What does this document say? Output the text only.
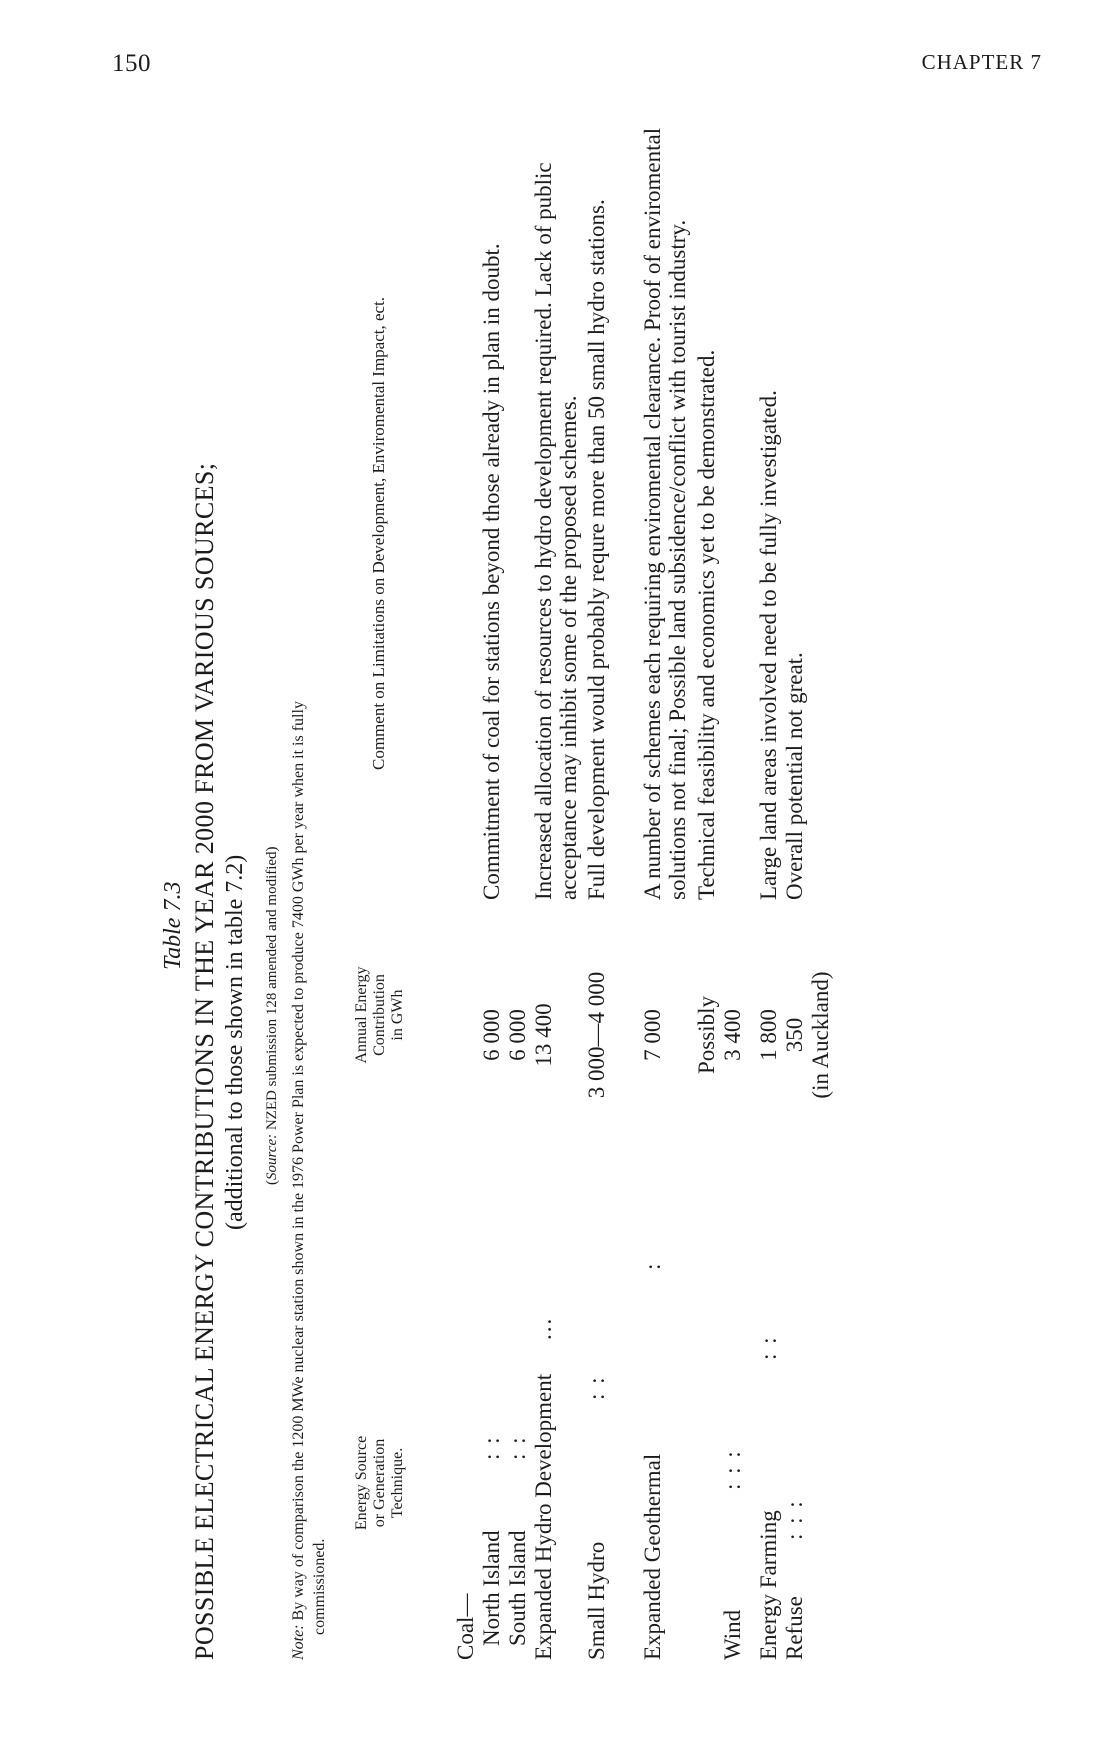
150	CHAPTER 7
Table 7.3 POSSIBLE ELECTRICAL ENERGY CONTRIBUTIONS IN THE YEAR 2000 FROM VARIOUS SOURCES; (additional to those shown in table 7.2) (Source: NZED submission 128 amended and modified)
Note: By way of comparison the 1200 MWe nuclear station shown in the 1976 Power Plan is expected to produce 7400 GWh per year when it is fully commissioned.
Energy Source or Generation Technique.
Annual Energy Contribution in GWh
Comment on Limitations on Development, Enviromental Impact, ect.
Coal— North Island
: :
6 000
Commitment of coal for stations beyond those already in plan in doubt.
South Island
: :
6 000
Expanded Hydro Development
...
13 400
Increased allocation of resources to hydro development required. Lack of public acceptance may inhibit some of the proposed schemes.
Small Hydro
: :
3 000—4 000
Full development would probably requre more than 50 small hydro stations.
Expanded Geothermal
:
7 000
A number of schemes each requiring enviromental clearance. Proof of enviromental solutions not final; Possible land subsidence/conflict with tourist industry.
Wind
: : :
Possibly 3 400
Technical feasibility and economics yet to be demonstrated.
Energy Farming
: :
1 800
Large land areas involved need to be fully investigated.
Refuse
: : :
350 (in Auckland)
Overall potential not great.
